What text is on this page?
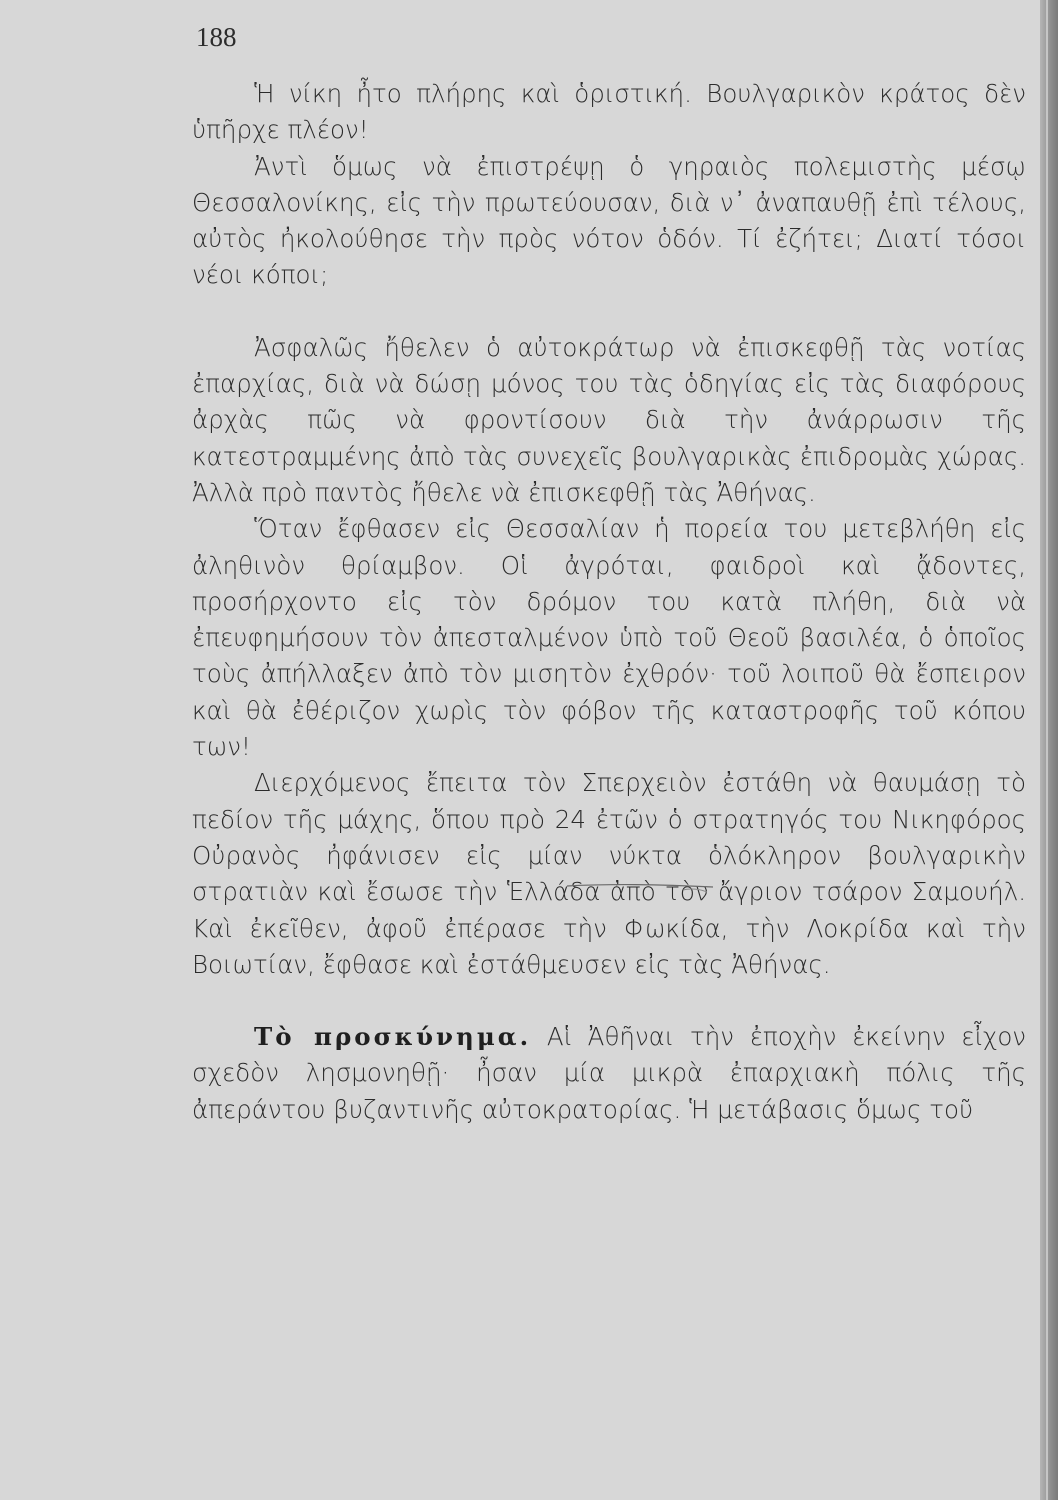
188

Ἡ νίκη ἦτο πλήρης καὶ ὁριστική. Βουλγαρικὸν κράτος δὲν ὑπῆρχε πλέον!

Ἀντὶ ὅμως νὰ ἐπιστρέψῃ ὁ γηραιὸς πολεμιστὴς μέσῳ Θεσσαλονίκης, εἰς τὴν πρωτεύουσαν, διὰ ν᾿ ἀναπαυθῇ ἐπὶ τέλους, αὐτὸς ἠκολούθησε τὴν πρὸς νότον ὁδόν. Τί ἐζήτει; Διατί τόσοι νέοι κόποι;

Ἀσφαλῶς ἤθελεν ὁ αὐτοκράτωρ νὰ ἐπισκεφθῇ τὰς νοτίας ἐπαρχίας, διὰ νὰ δώσῃ μόνος του τὰς ὁδηγίας εἰς τὰς διαφόρους ἀρχὰς πῶς νὰ φροντίσουν διὰ τὴν ἀνάρρωσιν τῆς κατεστραμμένης ἀπὸ τὰς συνεχεῖς βουλγαρικὰς ἐπιδρομὰς χώρας. Ἀλλὰ πρὸ παντὸς ἤθελε νὰ ἐπισκεφθῇ τὰς Ἀθήνας.

Ὅταν ἔφθασεν εἰς Θεσσαλίαν ἡ πορεία του μετεβλήθη εἰς ἀληθινὸν θρίαμβον. Οἱ ἀγρόται, φαιδροὶ καὶ ᾄδοντες, προσήρχοντο εἰς τὸν δρόμον του κατὰ πλήθη, διὰ νὰ ἐπευφημήσουν τὸν ἀπεσταλμένον ὑπὸ τοῦ Θεοῦ βασιλέα, ὁ ὁποῖος τοὺς ἀπήλλαξεν ἀπὸ τὸν μισητὸν ἐχθρόν· τοῦ λοιποῦ θὰ ἔσπειρον καὶ θὰ ἐθέριζον χωρὶς τὸν φόβον τῆς καταστροφῆς τοῦ κόπου των!

Διερχόμενος ἔπειτα τὸν Σπερχειὸν ἐστάθη νὰ θαυμάσῃ τὸ πεδίον τῆς μάχης, ὅπου πρὸ 24 ἐτῶν ὁ στρατηγός του Νικηφόρος Οὐρανὸς ἠφάνισεν εἰς μίαν νύκτα ὁλόκληρον βουλγαρικὴν στρατιὰν καὶ ἔσωσε τὴν Ἑλλάδα ἀπὸ τὸν ἄγριον τσάρον Σαμουήλ. Καὶ ἐκεῖθεν, ἀφοῦ ἐπέρασε τὴν Φωκίδα, τὴν Λοκρίδα καὶ τὴν Βοιωτίαν, ἔφθασε καὶ ἐστάθμευσεν εἰς τὰς Ἀθήνας.

Τὸ προσκύνημα. Αἱ Ἀθῆναι τὴν ἐποχὴν ἐκείνην εἶχον σχεδὸν λησμονηθῇ· ἦσαν μία μικρὰ ἐπαρχιακὴ πόλις τῆς ἀπεράντου βυζαντινῆς αὐτοκρατορίας. Ἡ μετάβασις ὅμως τοῦ
